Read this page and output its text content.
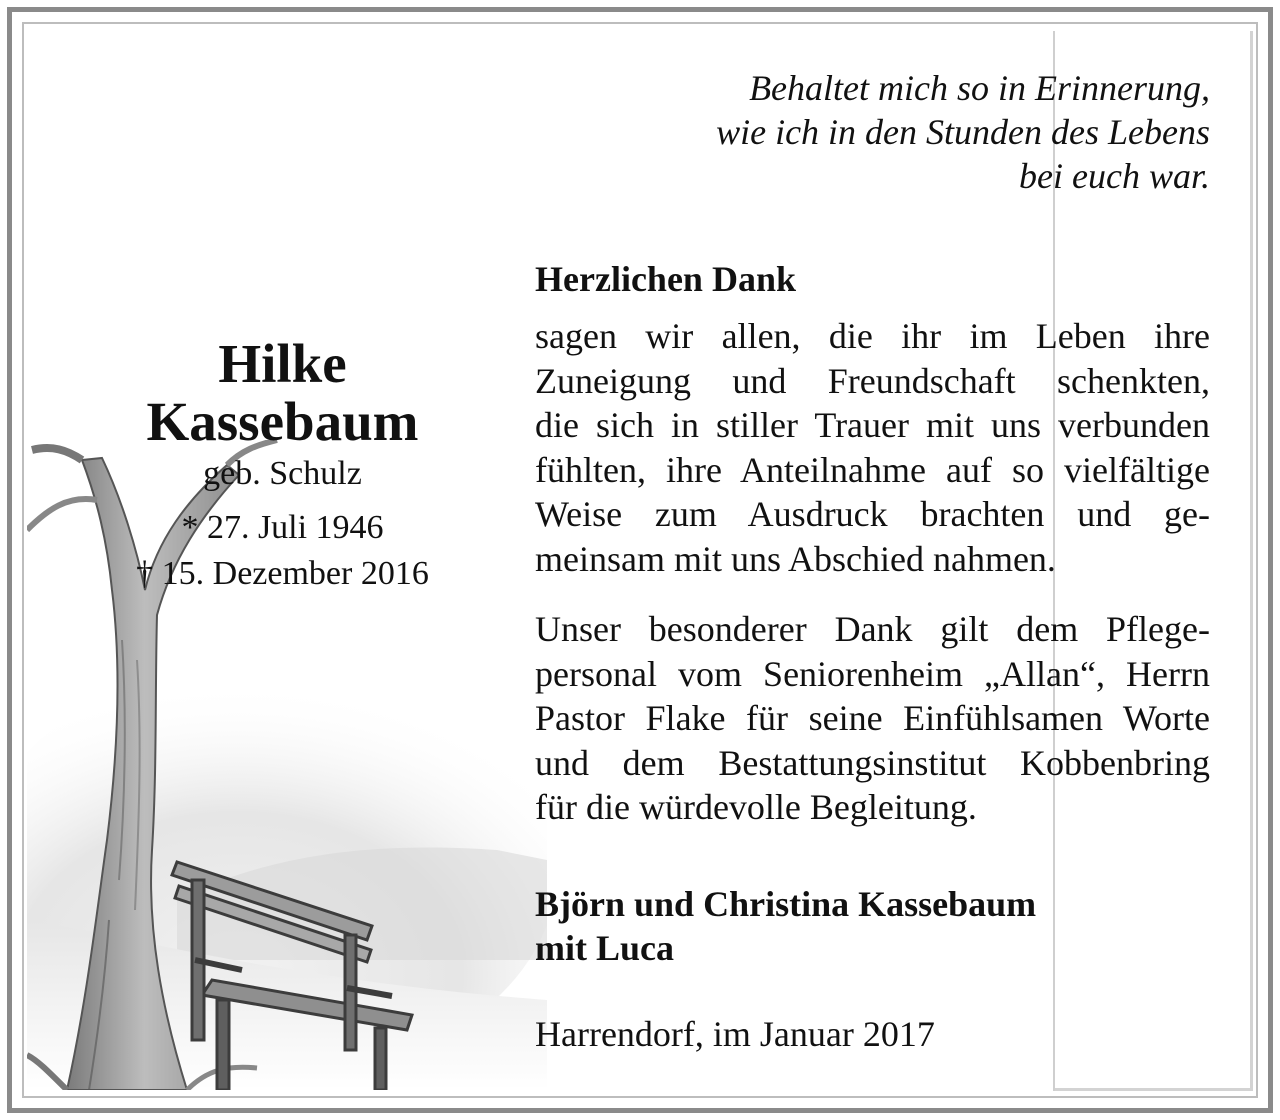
Behaltet mich so in Erinnerung,
wie ich in den Stunden des Lebens
bei euch war.
Hilke
Kassebaum
geb. Schulz
* 27. Juli 1946
† 15. Dezember 2016
Herzlichen Dank
sagen wir allen, die ihr im Leben ihre
Zuneigung und Freundschaft schenkten,
die sich in stiller Trauer mit uns verbunden
fühlten, ihre Anteilnahme auf so vielfältige
Weise zum Ausdruck brachten und ge-
meinsam mit uns Abschied nahmen.
Unser besonderer Dank gilt dem Pflege-
personal vom Seniorenheim „Allan“, Herrn
Pastor Flake für seine Einfühlsamen Worte
und dem Bestattungsinstitut Kobbenbring
für die würdevolle Begleitung.
Björn und Christina Kassebaum
mit Luca
Harrendorf, im Januar 2017
